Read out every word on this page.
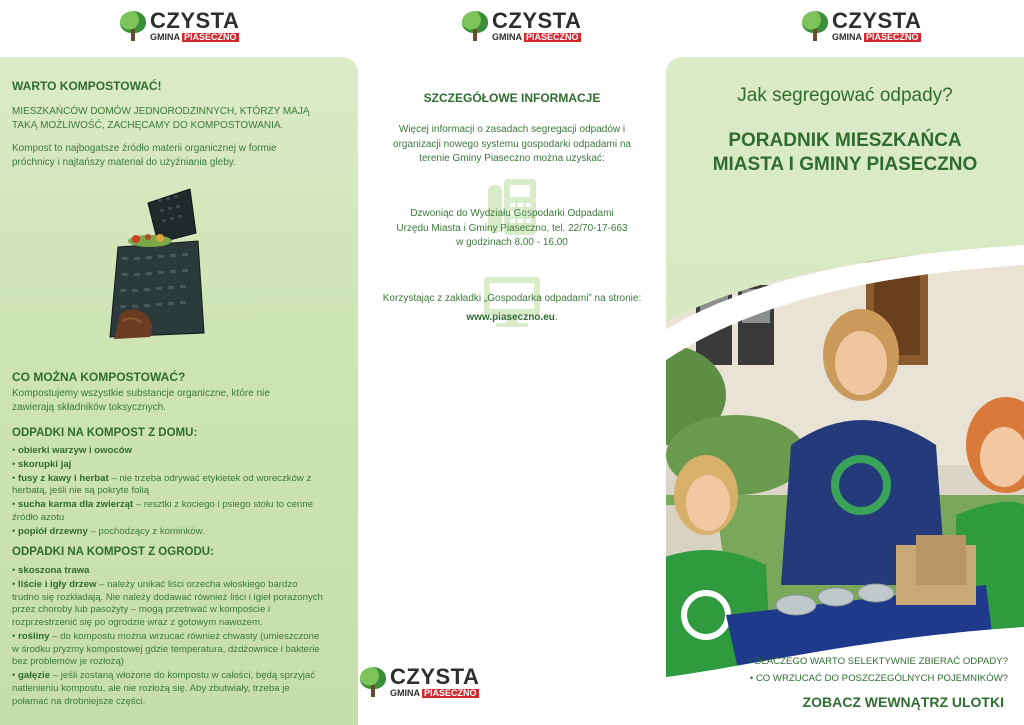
CZYSTA
GMINA PIASECZNO
CZYSTA
GMINA PIASECZNO
CZYSTA
GMINA PIASECZNO
WARTO KOMPOSTOWAĆ!
MIESZKAŃCÓW DOMÓW JEDNORODZINNYCH, KTÓRZY MAJĄ TAKĄ MOŻLIWOŚĆ, ZACHĘCAMY DO KOMPOSTOWANIA.
Kompost to najbogatsze źródło materii organicznej w formie próchnicy i najtańszy materiał do użyźniania gleby.
CO MOŻNA KOMPOSTOWAĆ?
Kompostujemy wszystkie substancje organiczne, które nie zawierają składników toksycznych.
ODPADKI NA KOMPOST Z DOMU:
• obierki warzyw i owoców
• skorupki jaj
• fusy z kawy i herbat – nie trzeba odrywać etykietek od woreczków z herbatą, jeśli nie są pokryte folią
• sucha karma dla zwierząt – resztki z kociego i psiego stołu to cenne źródło azotu
• popiół drzewny – pochodzący z kominków.
ODPADKI NA KOMPOST Z OGRODU:
• skoszona trawa
• liście i igły drzew – należy unikać liści orzecha włoskiego bardzo trudno się rozkładają. Nie należy dodawać również liści i igieł porażonych przez choroby lub pasożyty – mogą przetrwać w kompoście i rozprzestrzenić się po ogrodzie wraz z gotowym nawozem.
• rośliny – do kompostu można wrzucać również chwasty (umieszczone w środku pryzmy kompostowej gdzie temperatura, dżdżownice i bakterie bez problemów je rozłożą)
• gałęzie – jeśli zostaną włożone do kompostu w całości, będą sprzyjać natlenieniu kompostu, ale nie rozłożą się. Aby zbutwiały, trzeba je połamać na drobniejsze części.
CZYSTA
GMINA PIASECZNO
SZCZEGÓŁOWE INFORMACJE
Więcej informacji o zasadach segregacji odpadów i organizacji nowego systemu gospodarki odpadami na terenie Gminy Piaseczno można uzyskać:
Dzwoniąc do Wydziału Gospodarki Odpadami
Urzędu Miasta i Gminy Piaseczno, tel. 22/70-17-663
w godzinach 8.00 - 16.00
Korzystając z zakładki „Gospodarka odpadami” na stronie:
www.piaseczno.eu.
Jak segregować odpady?
PORADNIK MIESZKAŃCA
MIASTA I GMINY PIASECZNO
• DLACZEGO WARTO SELEKTYWNIE ZBIERAĆ ODPADY?
• CO WRZUCAĆ DO POSZCZEGÓLNYCH POJEMNIKÓW?
ZOBACZ WEWNĄTRZ ULOTKI
